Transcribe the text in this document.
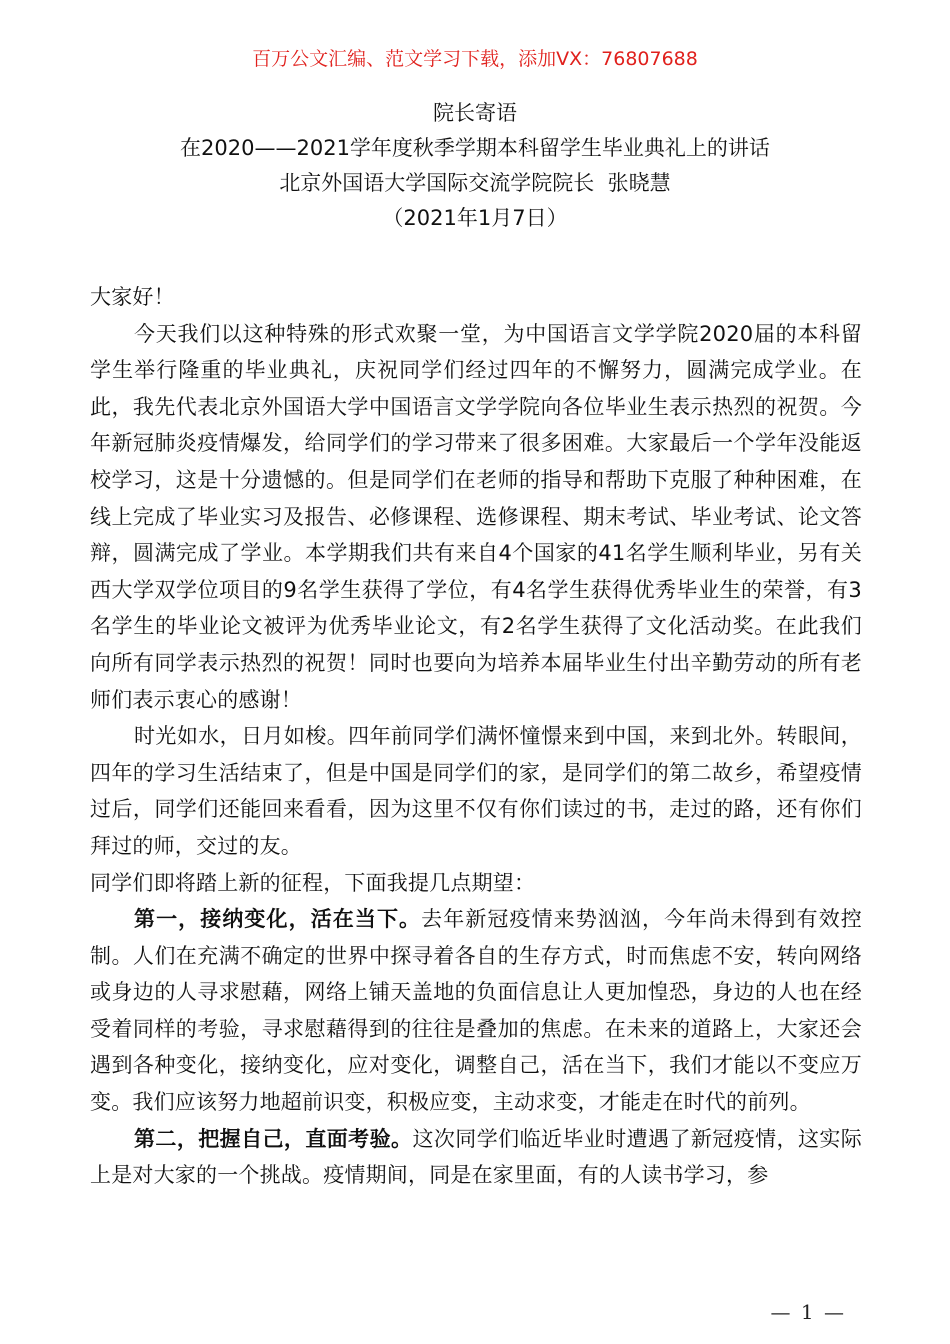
百万公文汇编、范文学习下载，添加VX：76807688
院长寄语
在2020——2021学年度秋季学期本科留学生毕业典礼上的讲话
北京外国语大学国际交流学院院长  张晓慧
（2021年1月7日）

大家好！

今天我们以这种特殊的形式欢聚一堂，为中国语言文学学院2020届的本科留学生举行隆重的毕业典礼，庆祝同学们经过四年的不懈努力，圆满完成学业。在此，我先代表北京外国语大学中国语言文学学院向各位毕业生表示热烈的祝贺。今年新冠肺炎疫情爆发，给同学们的学习带来了很多困难。大家最后一个学年没能返校学习，这是十分遗憾的。但是同学们在老师的指导和帮助下克服了种种困难，在线上完成了毕业实习及报告、必修课程、选修课程、期末考试、毕业考试、论文答辩，圆满完成了学业。本学期我们共有来自4个国家的41名学生顺利毕业，另有关西大学双学位项目的9名学生获得了学位，有4名学生获得优秀毕业生的荣誉，有3名学生的毕业论文被评为优秀毕业论文，有2名学生获得了文化活动奖。在此我们向所有同学表示热烈的祝贺！同时也要向为培养本届毕业生付出辛勤劳动的所有老师们表示衷心的感谢！

时光如水，日月如梭。四年前同学们满怀憧憬来到中国，来到北外。转眼间，四年的学习生活结束了，但是中国是同学们的家，是同学们的第二故乡，希望疫情过后，同学们还能回来看看，因为这里不仅有你们读过的书，走过的路，还有你们拜过的师，交过的友。

同学们即将踏上新的征程，下面我提几点期望：

第一，接纳变化，活在当下。去年新冠疫情来势汹汹，今年尚未得到有效控制。人们在充满不确定的世界中探寻着各自的生存方式，时而焦虑不安，转向网络或身边的人寻求慰藉，网络上铺天盖地的负面信息让人更加惶恐，身边的人也在经受着同样的考验，寻求慰藉得到的往往是叠加的焦虑。在未来的道路上，大家还会遇到各种变化，接纳变化，应对变化，调整自己，活在当下，我们才能以不变应万变。我们应该努力地超前识变，积极应变，主动求变，才能走在时代的前列。

第二，把握自己，直面考验。这次同学们临近毕业时遭遇了新冠疫情，这实际上是对大家的一个挑战。疫情期间，同是在家里面，有的人读书学习，参

— 1 —
